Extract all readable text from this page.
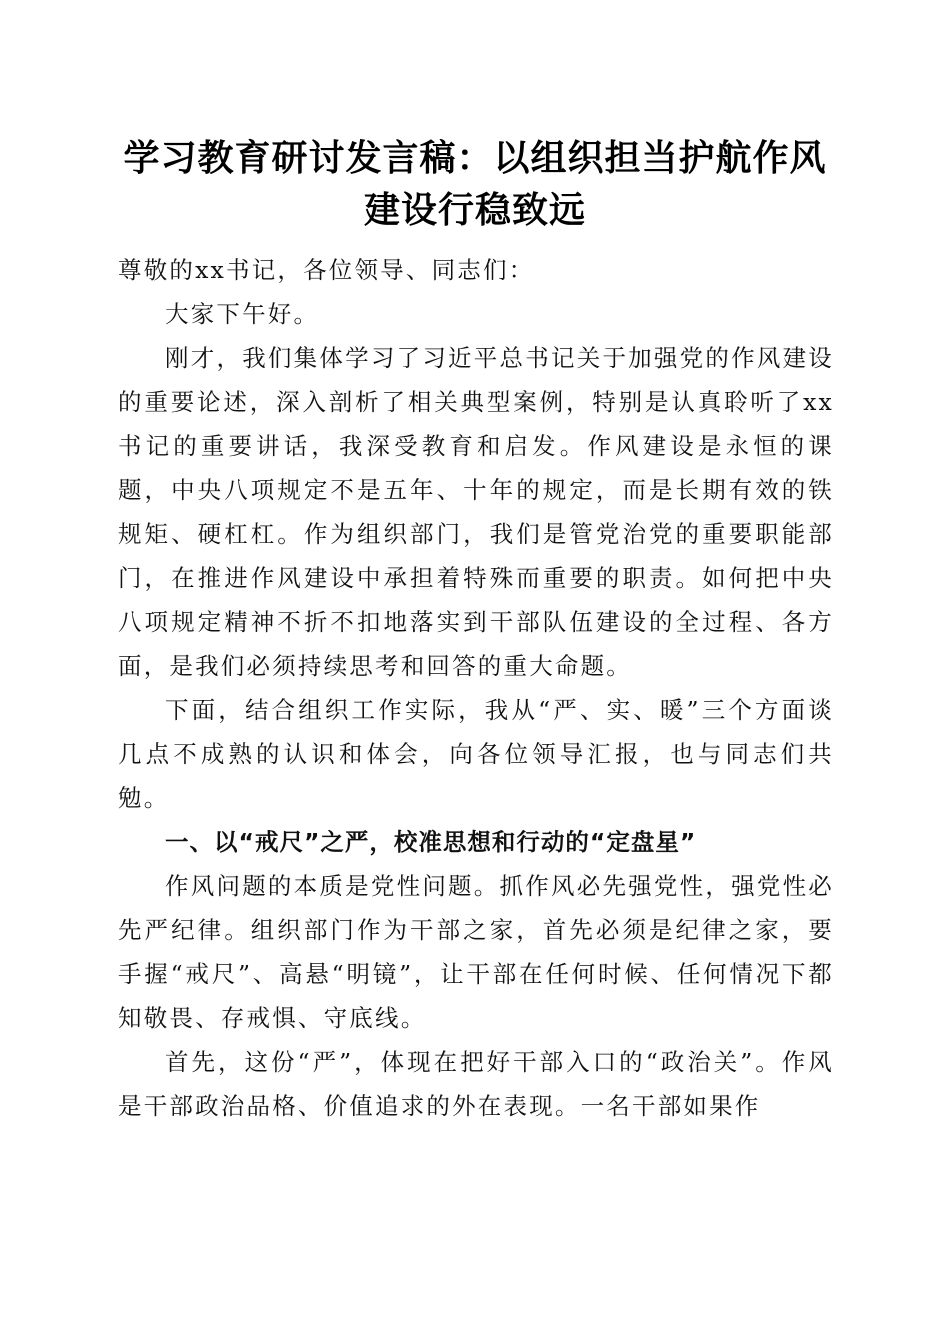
学习教育研讨发言稿：以组织担当护航作风建设行稳致远

尊敬的xx书记，各位领导、同志们：

大家下午好。

刚才，我们集体学习了习近平总书记关于加强党的作风建设的重要论述，深入剖析了相关典型案例，特别是认真聆听了xx书记的重要讲话，我深受教育和启发。作风建设是永恒的课题，中央八项规定不是五年、十年的规定，而是长期有效的铁规矩、硬杠杠。作为组织部门，我们是管党治党的重要职能部门，在推进作风建设中承担着特殊而重要的职责。如何把中央八项规定精神不折不扣地落实到干部队伍建设的全过程、各方面，是我们必须持续思考和回答的重大命题。

下面，结合组织工作实际，我从“严、实、暖”三个方面谈几点不成熟的认识和体会，向各位领导汇报，也与同志们共勉。

一、以“戒尺”之严，校准思想和行动的“定盘星”

作风问题的本质是党性问题。抓作风必先强党性，强党性必先严纪律。组织部门作为干部之家，首先必须是纪律之家，要手握“戒尺”、高悬“明镜”，让干部在任何时候、任何情况下都知敬畏、存戒惧、守底线。

首先，这份“严”，体现在把好干部入口的“政治关”。作风是干部政治品格、价值追求的外在表现。一名干部如果作
